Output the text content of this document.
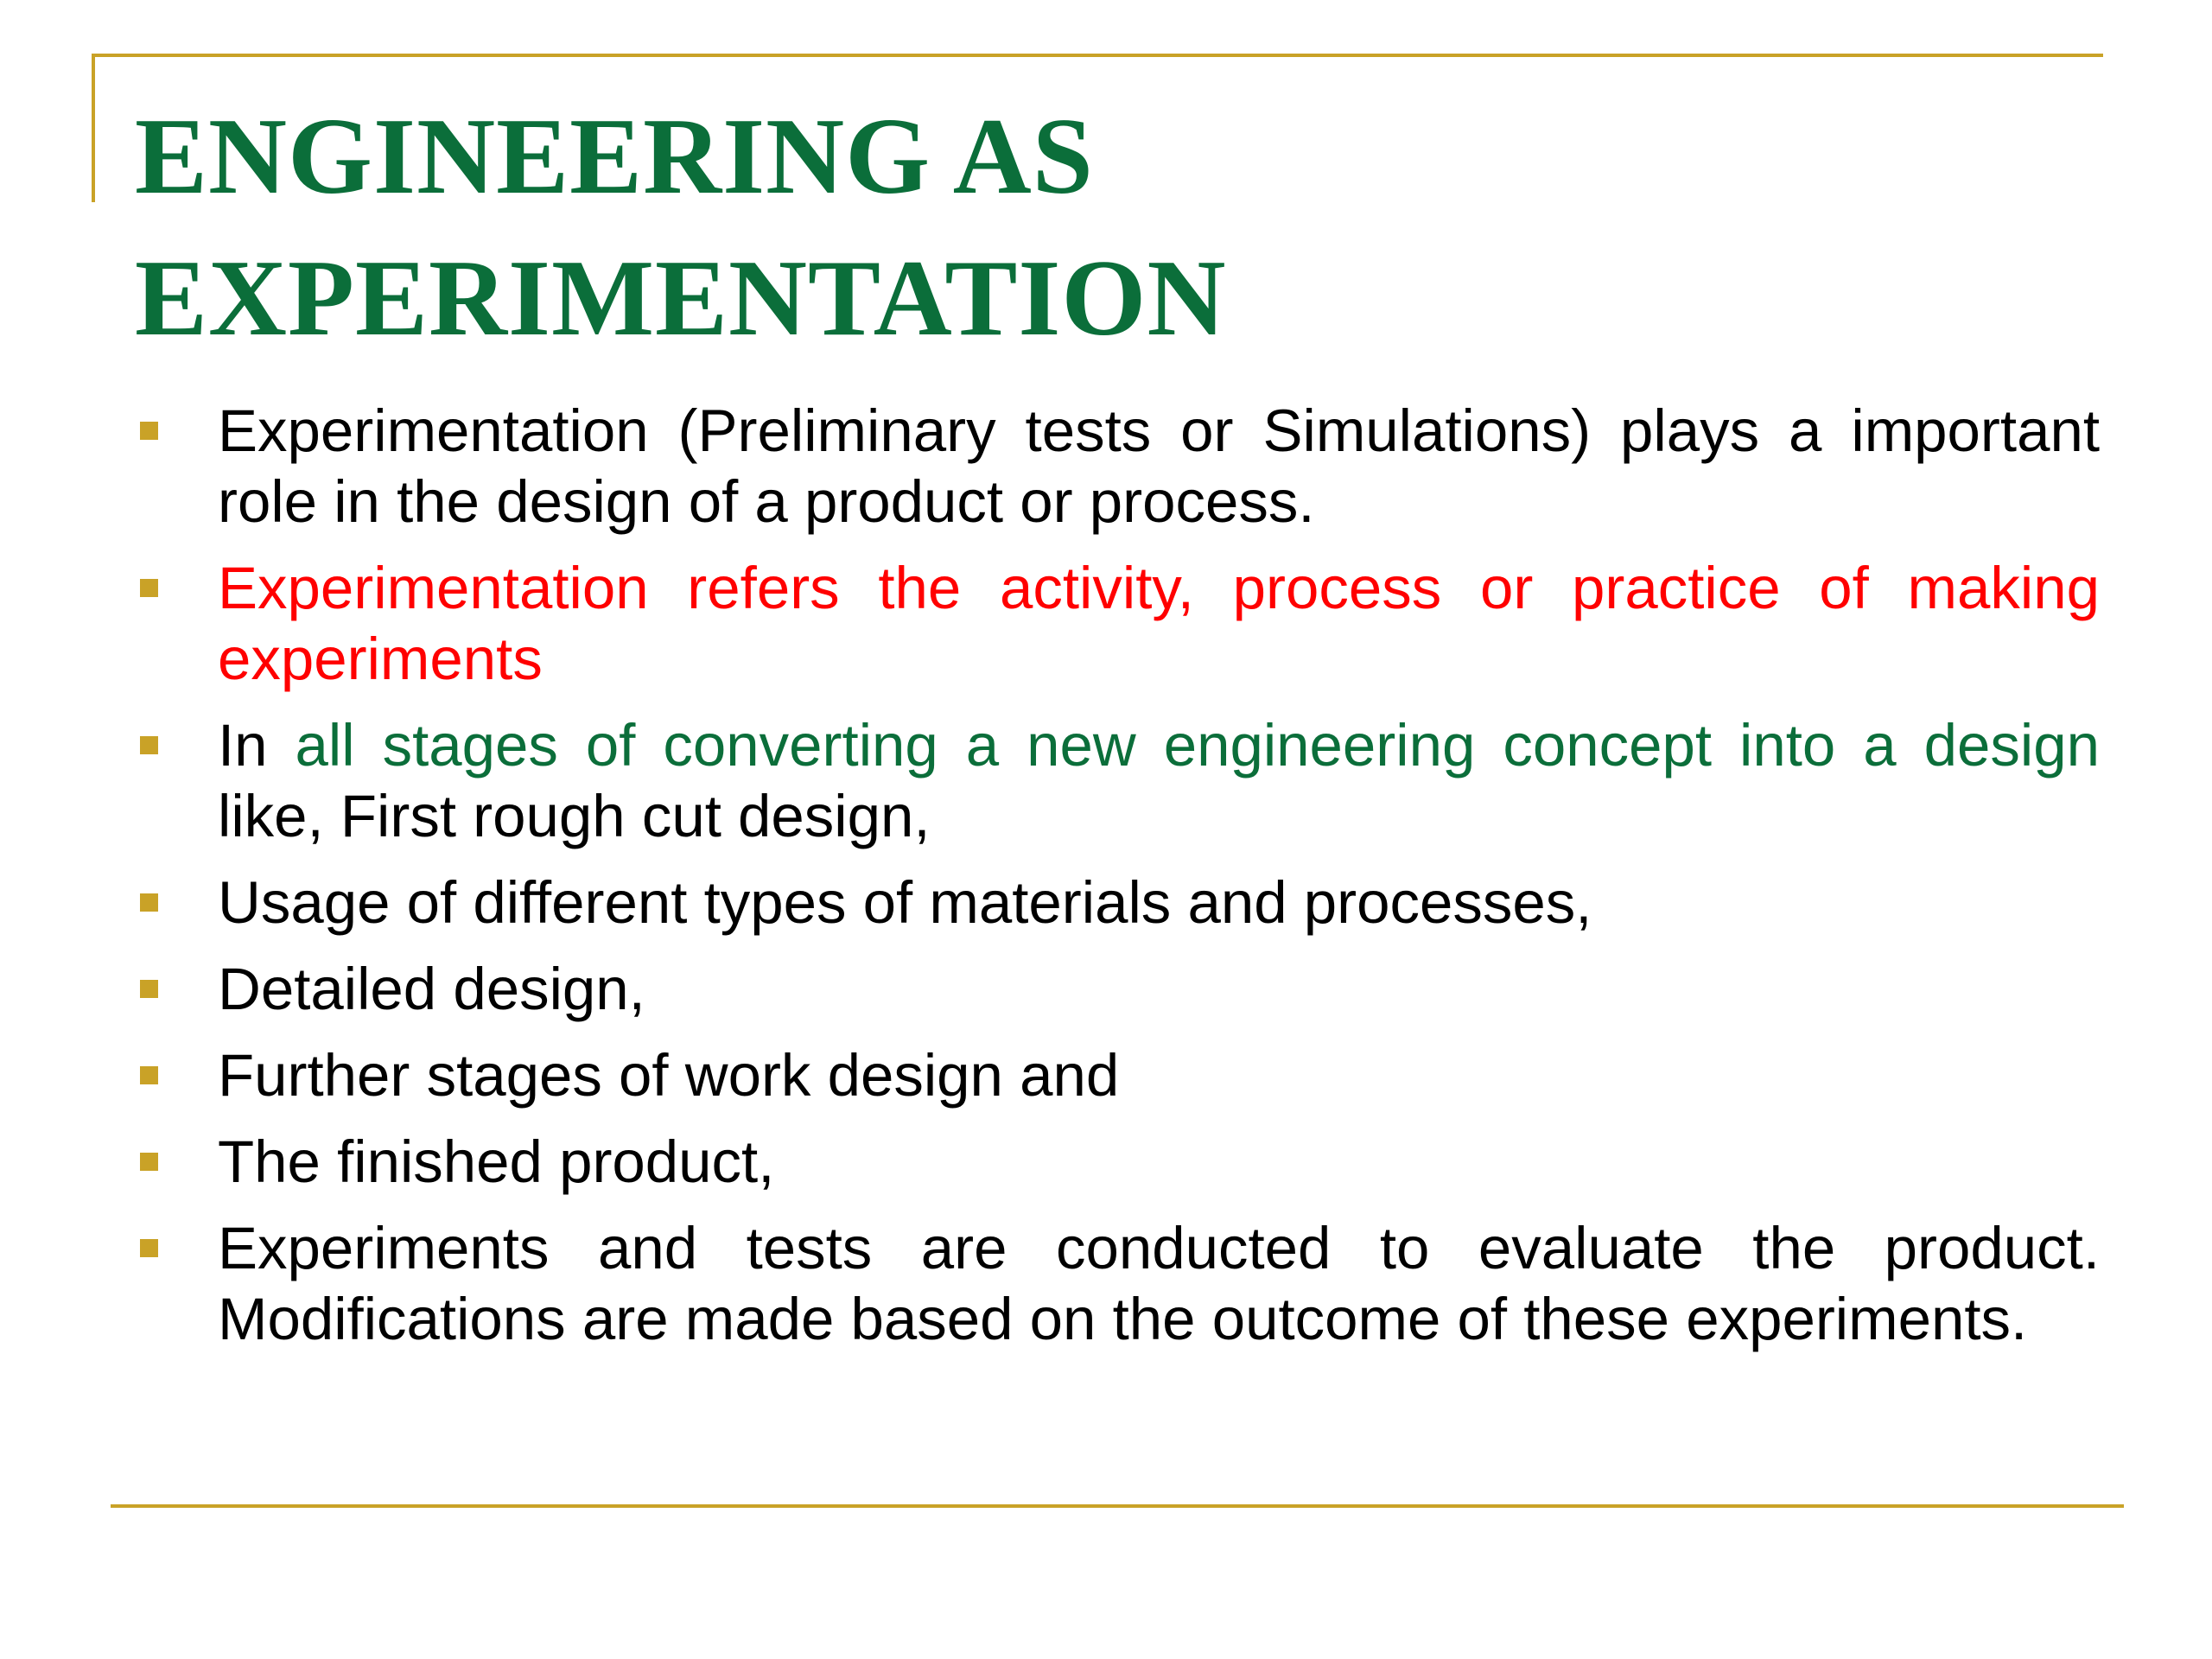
ENGINEERING AS EXPERIMENTATION
Experimentation (Preliminary tests or Simulations) plays a important role in the design of a product or process.
Experimentation refers the activity, process or practice of making experiments
In all stages of converting a new engineering concept into a design like, First rough cut design,
Usage of different types of materials and processes,
Detailed design,
Further stages of work design and
The finished product,
Experiments and tests are conducted to evaluate the product. Modifications are made based on the outcome of these experiments.
